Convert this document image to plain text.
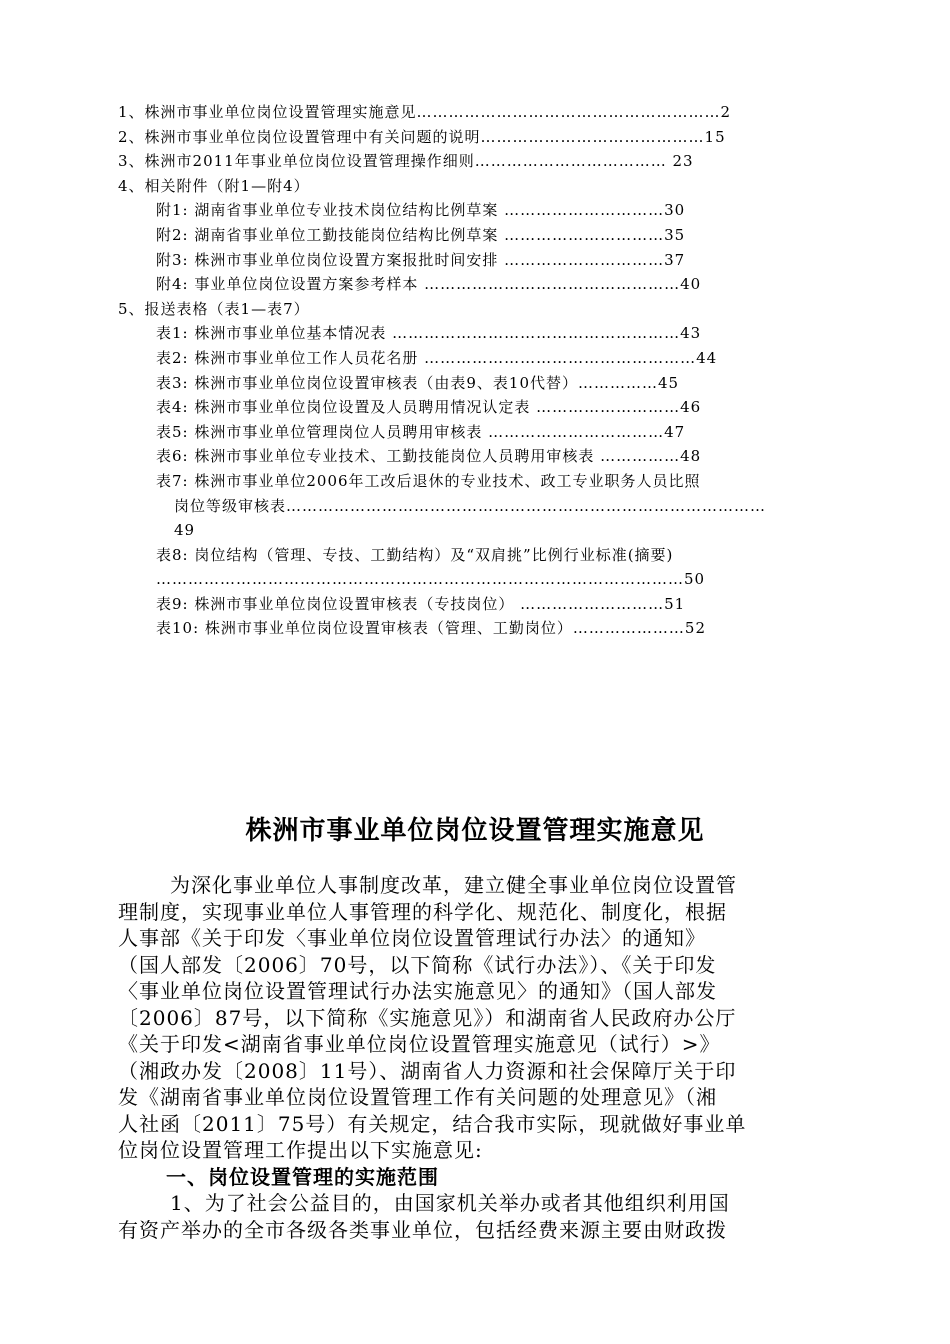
1、株洲市事业单位岗位设置管理实施意见…………………………………………………2
2、株洲市事业单位岗位设置管理中有关问题的说明……………………………………15
3、株洲市2011年事业单位岗位设置管理操作细则……………………………… 23
4、相关附件（附1—附4）
附1: 湖南省事业单位专业技术岗位结构比例草案 …………………………30
附2: 湖南省事业单位工勤技能岗位结构比例草案 …………………………35
附3: 株洲市事业单位岗位设置方案报批时间安排 …………………………37
附4: 事业单位岗位设置方案参考样本 …………………………………………40
5、报送表格（表1—表7）
表1: 株洲市事业单位基本情况表 ………………………………………………43
表2: 株洲市事业单位工作人员花名册 ……………………………………………44
表3: 株洲市事业单位岗位设置审核表（由表9、表10代替）……………45
表4: 株洲市事业单位岗位设置及人员聘用情况认定表 ………………………46
表5: 株洲市事业单位管理岗位人员聘用审核表 ……………………………47
表6: 株洲市事业单位专业技术、工勤技能岗位人员聘用审核表 ……………48
表7: 株洲市事业单位2006年工改后退休的专业技术、政工专业职务人员比照
岗位等级审核表………………………………………………………………………………
49
表8: 岗位结构（管理、专技、工勤结构）及“双肩挑”比例行业标准(摘要)
………………………………………………………………………………………50
表9: 株洲市事业单位岗位设置审核表（专技岗位） ………………………51
表10: 株洲市事业单位岗位设置审核表（管理、工勤岗位）…………………52
株洲市事业单位岗位设置管理实施意见
为深化事业单位人事制度改革，建立健全事业单位岗位设置管
理制度，实现事业单位人事管理的科学化、规范化、制度化，根据
人事部《关于印发〈事业单位岗位设置管理试行办法〉的通知》
（国人部发〔2006〕70号，以下简称《试行办法》）、《关于印发
〈事业单位岗位设置管理试行办法实施意见〉的通知》（国人部发
〔2006〕87号，以下简称《实施意见》）和湖南省人民政府办公厅
《关于印发<湖南省事业单位岗位设置管理实施意见（试行）>》
（湘政办发〔2008〕11号）、湖南省人力资源和社会保障厅关于印
发《湖南省事业单位岗位设置管理工作有关问题的处理意见》（湘
人社函〔2011〕75号）有关规定，结合我市实际，现就做好事业单
位岗位设置管理工作提出以下实施意见:
一、岗位设置管理的实施范围
1、为了社会公益目的，由国家机关举办或者其他组织利用国
有资产举办的全市各级各类事业单位，包括经费来源主要由财政拨
